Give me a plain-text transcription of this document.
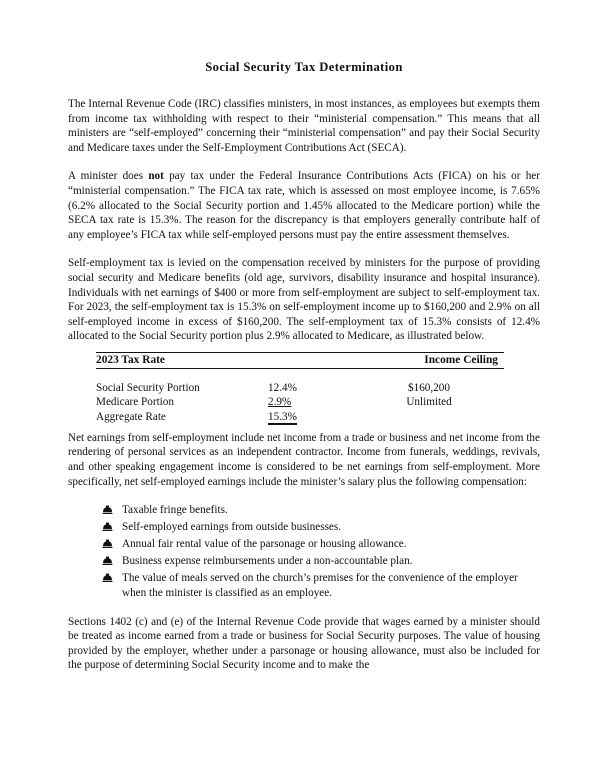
Social Security Tax Determination

The Internal Revenue Code (IRC) classifies ministers, in most instances, as employees but exempts them from income tax withholding with respect to their “ministerial compensation.” This means that all ministers are “self-employed” concerning their “ministerial compensation” and pay their Social Security and Medicare taxes under the Self-Employment Contributions Act (SECA).

A minister does not pay tax under the Federal Insurance Contributions Acts (FICA) on his or her “ministerial compensation.” The FICA tax rate, which is assessed on most employee income, is 7.65% (6.2% allocated to the Social Security portion and 1.45% allocated to the Medicare portion) while the SECA tax rate is 15.3%. The reason for the discrepancy is that employers generally contribute half of any employee’s FICA tax while self-employed persons must pay the entire assessment themselves.

Self-employment tax is levied on the compensation received by ministers for the purpose of providing social security and Medicare benefits (old age, survivors, disability insurance and hospital insurance). Individuals with net earnings of $400 or more from self-employment are subject to self-employment tax. For 2023, the self-employment tax is 15.3% on self-employment income up to $160,200 and 2.9% on all self-employed income in excess of $160,200. The self-employment tax of 15.3% consists of 12.4% allocated to the Social Security portion plus 2.9% allocated to Medicare, as illustrated below.

2023 Tax Rate		Income Ceiling
Social Security Portion	12.4%	$160,200
Medicare Portion	2.9%	Unlimited
Aggregate Rate	15.3%	

Net earnings from self-employment include net income from a trade or business and net income from the rendering of personal services as an independent contractor. Income from funerals, weddings, revivals, and other speaking engagement income is considered to be net earnings from self-employment. More specifically, net self-employed earnings include the minister’s salary plus the following compensation:

Taxable fringe benefits.
Self-employed earnings from outside businesses.
Annual fair rental value of the parsonage or housing allowance.
Business expense reimbursements under a non-accountable plan.
The value of meals served on the church’s premises for the convenience of the employer when the minister is classified as an employee.

Sections 1402 (c) and (e) of the Internal Revenue Code provide that wages earned by a minister should be treated as income earned from a trade or business for Social Security purposes. The value of housing provided by the employer, whether under a parsonage or housing allowance, must also be included for the purpose of determining Social Security income and to make the
